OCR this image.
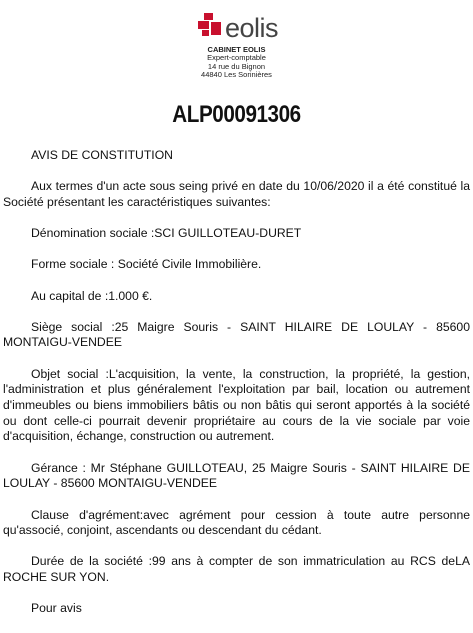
eolis
CABINET EOLIS
Expert-comptable
14 rue du Bignon
44840 Les Sorinières
ALP00091306

AVIS DE CONSTITUTION

Aux termes d'un acte sous seing privé en date du 10/06/2020 il a été constitué la Société présentant les caractéristiques suivantes:

Dénomination sociale :SCI GUILLOTEAU-DURET

Forme sociale : Société Civile Immobilière.

Au capital de :1.000 €.

Siège social :25 Maigre Souris - SAINT HILAIRE DE LOULAY - 85600 MONTAIGU-VENDEE

Objet social :L'acquisition, la vente, la construction, la propriété, la gestion, l'administration et plus généralement l'exploitation par bail, location ou autrement d'immeubles ou biens immobiliers bâtis ou non bâtis qui seront apportés à la société ou dont celle-ci pourrait devenir propriétaire au cours de la vie sociale par voie d'acquisition, échange, construction ou autrement.

Gérance : Mr Stéphane GUILLOTEAU, 25 Maigre Souris - SAINT HILAIRE DE LOULAY - 85600 MONTAIGU-VENDEE

Clause d'agrément:avec agrément pour cession à toute autre personne qu'associé, conjoint, ascendants ou descendant du cédant.

Durée de la société :99 ans à compter de son immatriculation au RCS deLA ROCHE SUR YON.

Pour avis
